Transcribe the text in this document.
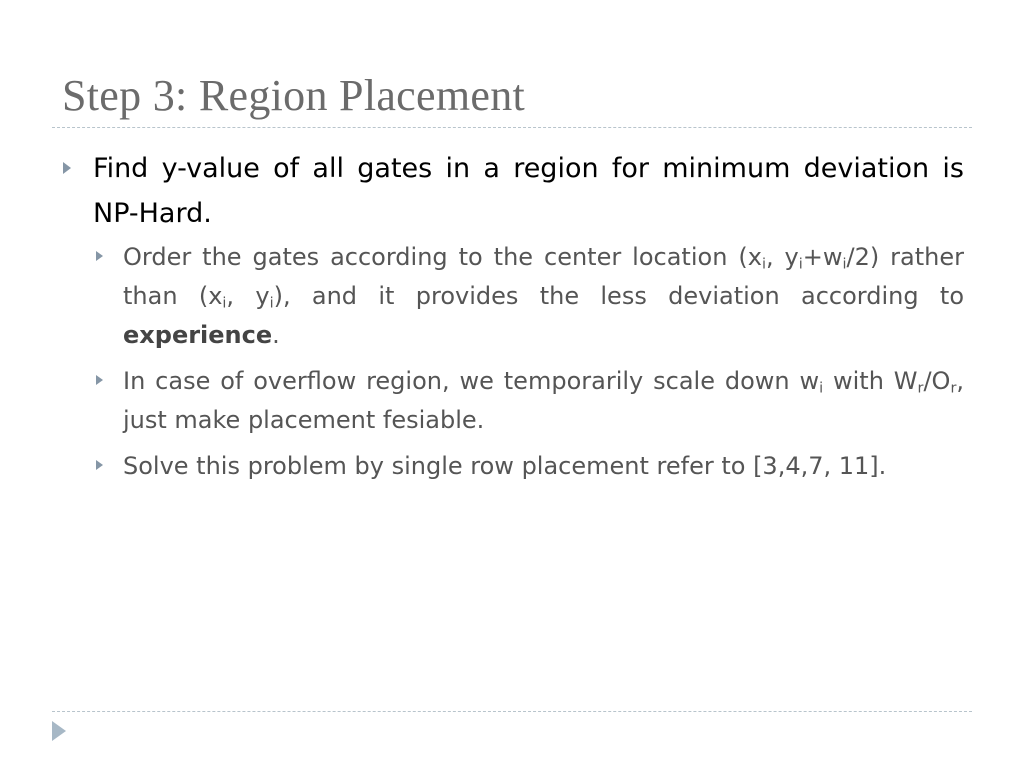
Step 3: Region Placement
Find y-value of all gates in a region for minimum deviation is NP-Hard.
Order the gates according to the center location ($x_i$, $y_i+w_i/2$) rather than ($x_i$, $y_i$), and it provides the less deviation according to experience.
In case of overflow region, we temporarily scale down $w_i$ with $W_r/O_r$, just make placement fesiable.
Solve this problem by single row placement refer to [3,4,7, 11].
